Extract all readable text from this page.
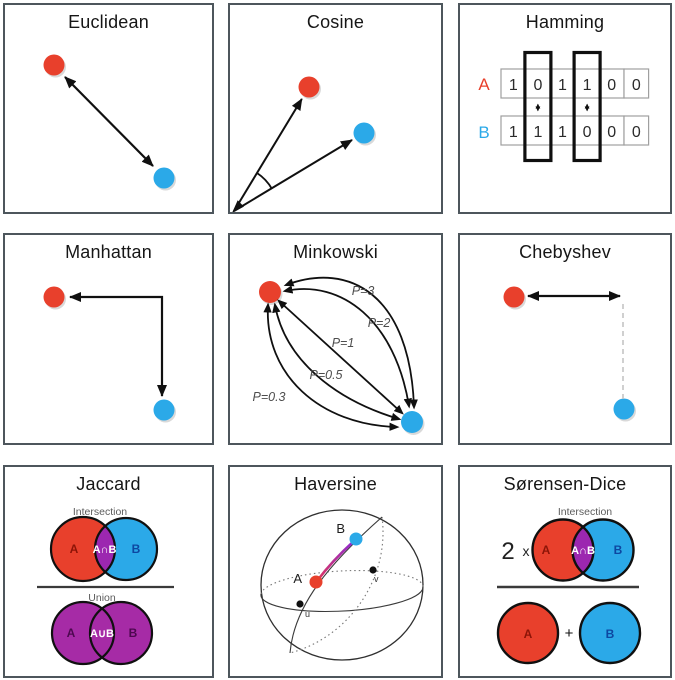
Euclidean	Cosine	Hamming
A
B
1 0 1 1 0 0
1 1 1 0 0 0
Manhattan	Minkowski
P=3
P=2
P=1
P=0.5
P=0.3
Chebyshev
Jaccard
Intersection
A A∩B B
Union
A A∪B B
Haversine
A
B
u
v
Sørensen-Dice
Intersection
2 x A A∩B B
A +	B
